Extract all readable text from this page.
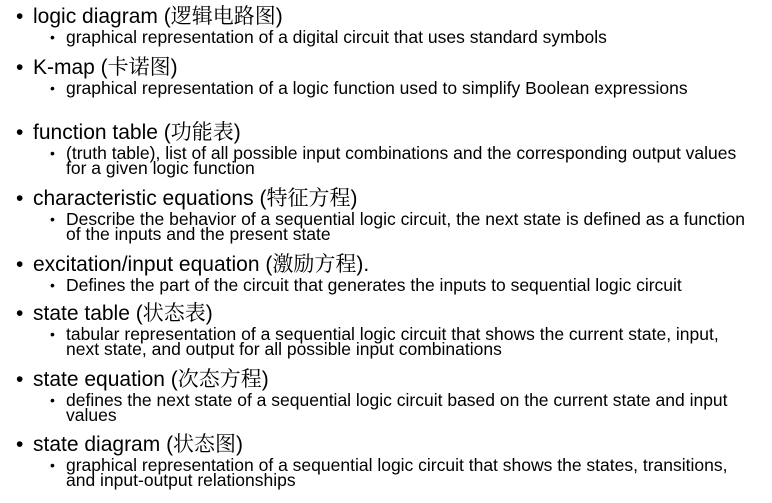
• logic diagram (逻辑电路图)
• graphical representation of a digital circuit that uses standard symbols
• K-map (卡诺图)
• graphical representation of a logic function used to simplify Boolean expressions
• function table (功能表)
• (truth table), list of all possible input combinations and the corresponding output values for a given logic function
• characteristic equations (特征方程)
• Describe the behavior of a sequential logic circuit, the next state is defined as a function of the inputs and the present state
• excitation/input equation (激励方程).
• Defines the part of the circuit that generates the inputs to sequential logic circuit
• state table (状态表)
• tabular representation of a sequential logic circuit that shows the current state, input, next state, and output for all possible input combinations
• state equation (次态方程)
• defines the next state of a sequential logic circuit based on the current state and input values
• state diagram (状态图)
• graphical representation of a sequential logic circuit that shows the states, transitions, and input-output relationships
